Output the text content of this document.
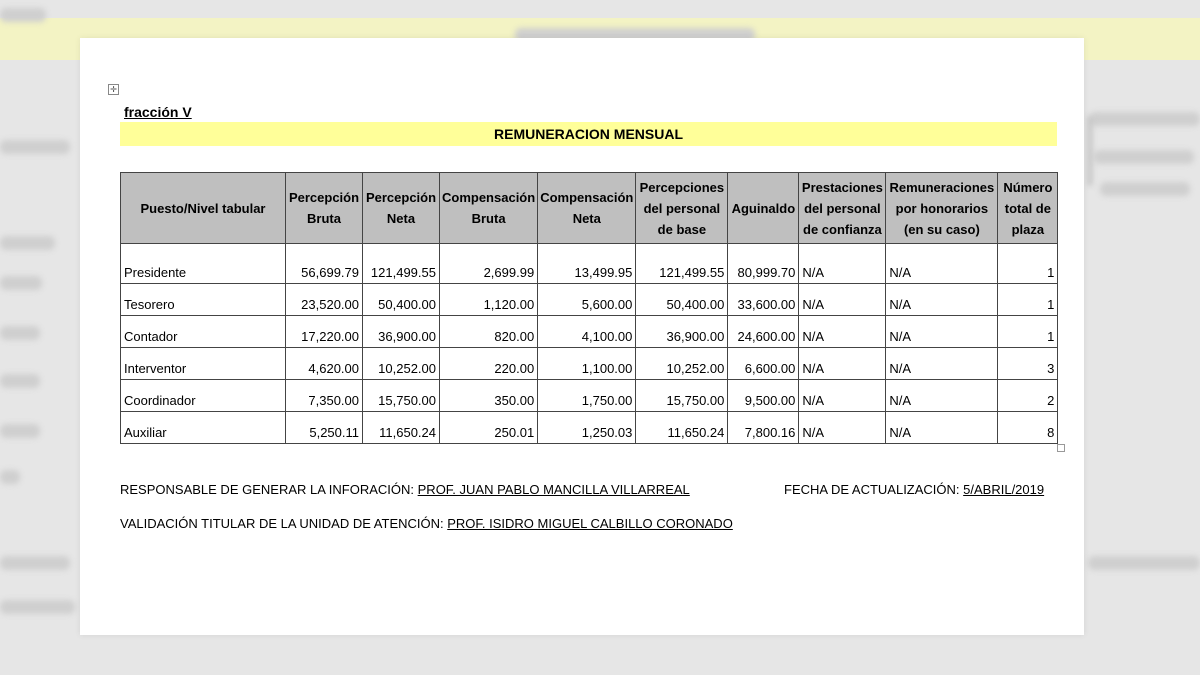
✛
fracción V
REMUNERACION MENSUAL
Puesto/Nivel tabular	Percepción Bruta	Percepción Neta	Compensación Bruta	Compensación Neta	Percepciones del personal de base	Aguinaldo	Prestaciones del personal de confianza	Remuneraciones por honorarios (en su caso)	Número total de plaza
Presidente	56,699.79	121,499.55	2,699.99	13,499.95	121,499.55	80,999.70	N/A	N/A	1
Tesorero	23,520.00	50,400.00	1,120.00	5,600.00	50,400.00	33,600.00	N/A	N/A	1
Contador	17,220.00	36,900.00	820.00	4,100.00	36,900.00	24,600.00	N/A	N/A	1
Interventor	4,620.00	10,252.00	220.00	1,100.00	10,252.00	6,600.00	N/A	N/A	3
Coordinador	7,350.00	15,750.00	350.00	1,750.00	15,750.00	9,500.00	N/A	N/A	2
Auxiliar	5,250.11	11,650.24	250.01	1,250.03	11,650.24	7,800.16	N/A	N/A	8
RESPONSABLE DE GENERAR LA INFORACIÓN: PROF. JUAN PABLO MANCILLA VILLARREAL	FECHA DE ACTUALIZACIÓN: 5/ABRIL/2019
VALIDACIÓN TITULAR DE LA UNIDAD DE ATENCIÓN: PROF. ISIDRO MIGUEL CALBILLO CORONADO
